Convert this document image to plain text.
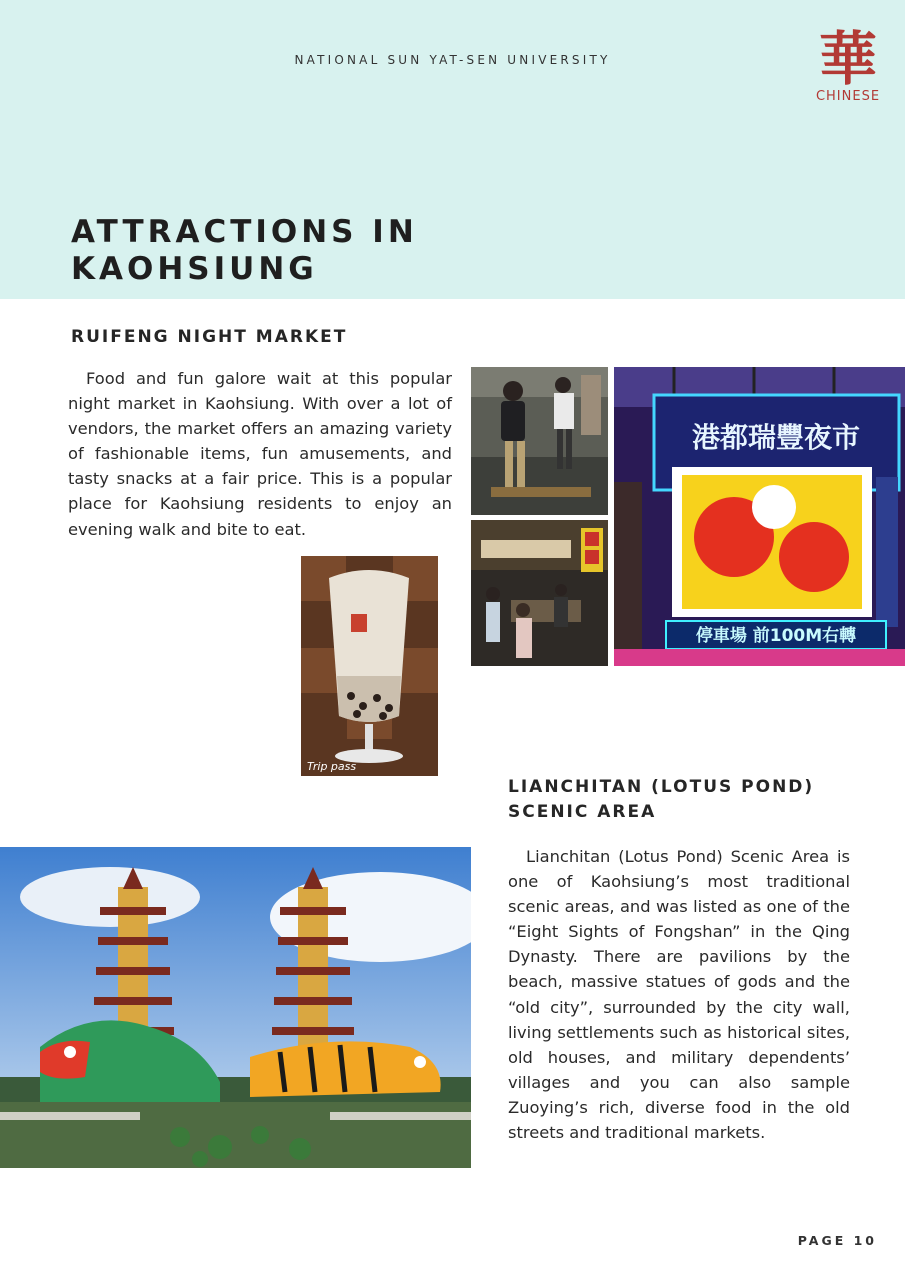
NATIONAL SUN YAT-SEN UNIVERSITY	華
CHINESE
ATTRACTIONS IN KAOHSIUNG
RUIFENG NIGHT MARKET

Food and fun galore wait at this popular night market in Kaohsiung. With over a lot of vendors, the market offers an amazing variety of fashionable items, fun amusements, and tasty snacks at a fair price. This is a popular place for Kaohsiung residents to enjoy an evening walk and bite to eat.

港都瑞豐夜市
停車場 前100M右轉
Trip pass
LIANCHITAN (LOTUS POND) SCENIC AREA

Lianchitan (Lotus Pond) Scenic Area is one of Kaohsiung’s most traditional scenic areas, and was listed as one of the “Eight Sights of Fongshan” in the Qing Dynasty. There are pavilions by the beach, massive statues of gods and the “old city”, surrounded by the city wall, living settlements such as historical sites, old houses, and military dependents’ villages and you can also sample Zuoying’s rich, diverse food in the old streets and traditional markets.

PAGE 10
